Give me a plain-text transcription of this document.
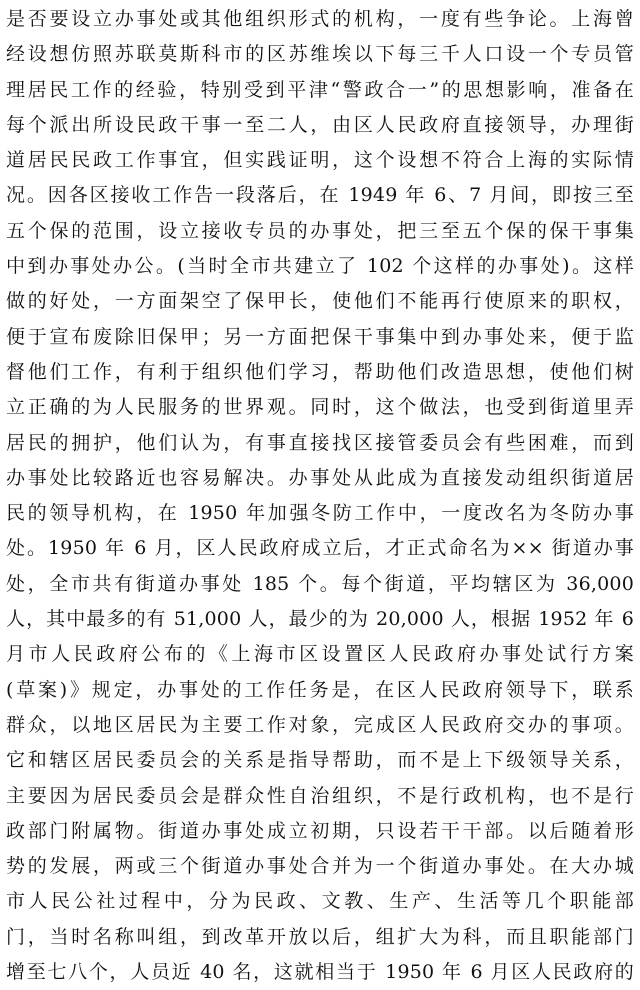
是否要设立办事处或其他组织形式的机构，一度有些争论。上海曾
经设想仿照苏联莫斯科市的区苏维埃以下每三千人口设一个专员管
理居民工作的经验，特别受到平津“警政合一”的思想影响，准备在
每个派出所设民政干事一至二人，由区人民政府直接领导，办理街
道居民民政工作事宜，但实践证明，这个设想不符合上海的实际情
况。因各区接收工作告一段落后，在 1949 年 6、7 月间，即按三至
五个保的范围，设立接收专员的办事处，把三至五个保的保干事集
中到办事处办公。(当时全市共建立了 102 个这样的办事处)。这样
做的好处，一方面架空了保甲长，使他们不能再行使原来的职权，
便于宣布废除旧保甲；另一方面把保干事集中到办事处来，便于监
督他们工作，有利于组织他们学习，帮助他们改造思想，使他们树
立正确的为人民服务的世界观。同时，这个做法，也受到街道里弄
居民的拥护，他们认为，有事直接找区接管委员会有些困难，而到
办事处比较路近也容易解决。办事处从此成为直接发动组织街道居
民的领导机构，在 1950 年加强冬防工作中，一度改名为冬防办事
处。1950 年 6 月，区人民政府成立后，才正式命名为×× 街道办事
处，全市共有街道办事处 185 个。每个街道，平均辖区为 36,000
人，其中最多的有 51,000 人，最少的为 20,000 人，根据 1952 年 6
月市人民政府公布的《上海市区设置区人民政府办事处试行方案
(草案)》规定，办事处的工作任务是，在区人民政府领导下，联系
群众，以地区居民为主要工作对象，完成区人民政府交办的事项。
它和辖区居民委员会的关系是指导帮助，而不是上下级领导关系，
主要因为居民委员会是群众性自治组织，不是行政机构，也不是行
政部门附属物。街道办事处成立初期，只设若干干部。以后随着形
势的发展，两或三个街道办事处合并为一个街道办事处。在大办城
市人民公社过程中，分为民政、文教、生产、生活等几个职能部
门，当时名称叫组，到改革开放以后，组扩大为科，而且职能部门
增至七八个，人员近 40 名，这就相当于 1950 年 6 月区人民政府的
